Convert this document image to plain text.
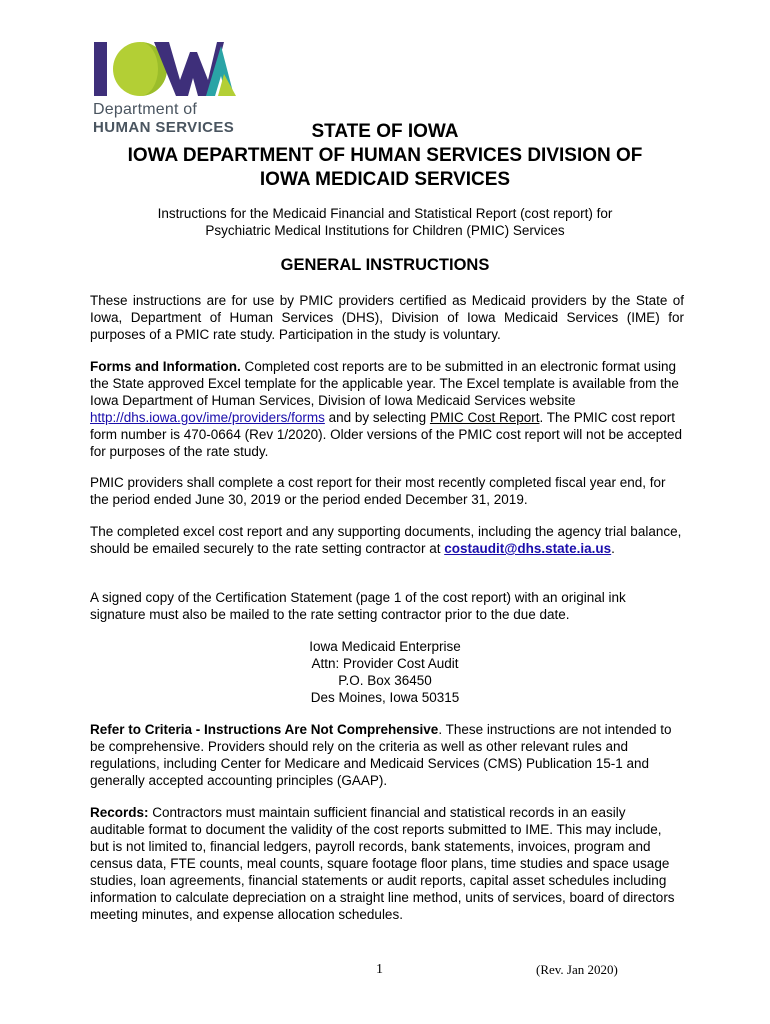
Department of
HUMAN SERVICES	STATE OF IOWA
IOWA DEPARTMENT OF HUMAN SERVICES DIVISION OF
IOWA MEDICAID SERVICES
Instructions for the Medicaid Financial and Statistical Report (cost report) for
Psychiatric Medical Institutions for Children (PMIC) Services
GENERAL INSTRUCTIONS
These instructions are for use by PMIC providers certified as Medicaid providers by the State of Iowa, Department of Human Services (DHS), Division of Iowa Medicaid Services (IME) for purposes of a PMIC rate study. Participation in the study is voluntary.
Forms and Information. Completed cost reports are to be submitted in an electronic format using the State approved Excel template for the applicable year. The Excel template is available from the Iowa Department of Human Services, Division of Iowa Medicaid Services website http://dhs.iowa.gov/ime/providers/forms and by selecting PMIC Cost Report. The PMIC cost report form number is 470-0664 (Rev 1/2020). Older versions of the PMIC cost report will not be accepted for purposes of the rate study.
PMIC providers shall complete a cost report for their most recently completed fiscal year end, for the period ended June 30, 2019 or the period ended December 31, 2019.
The completed excel cost report and any supporting documents, including the agency trial balance, should be emailed securely to the rate setting contractor at costaudit@dhs.state.ia.us.
A signed copy of the Certification Statement (page 1 of the cost report) with an original ink signature must also be mailed to the rate setting contractor prior to the due date.
Iowa Medicaid Enterprise
Attn: Provider Cost Audit
P.O. Box 36450
Des Moines, Iowa 50315
Refer to Criteria - Instructions Are Not Comprehensive. These instructions are not intended to be comprehensive. Providers should rely on the criteria as well as other relevant rules and regulations, including Center for Medicare and Medicaid Services (CMS) Publication 15-1 and generally accepted accounting principles (GAAP).
Records: Contractors must maintain sufficient financial and statistical records in an easily auditable format to document the validity of the cost reports submitted to IME. This may include, but is not limited to, financial ledgers, payroll records, bank statements, invoices, program and census data, FTE counts, meal counts, square footage floor plans, time studies and space usage studies, loan agreements, financial statements or audit reports, capital asset schedules including information to calculate depreciation on a straight line method, units of services, board of directors meeting minutes, and expense allocation schedules.
1	(Rev. Jan 2020)
